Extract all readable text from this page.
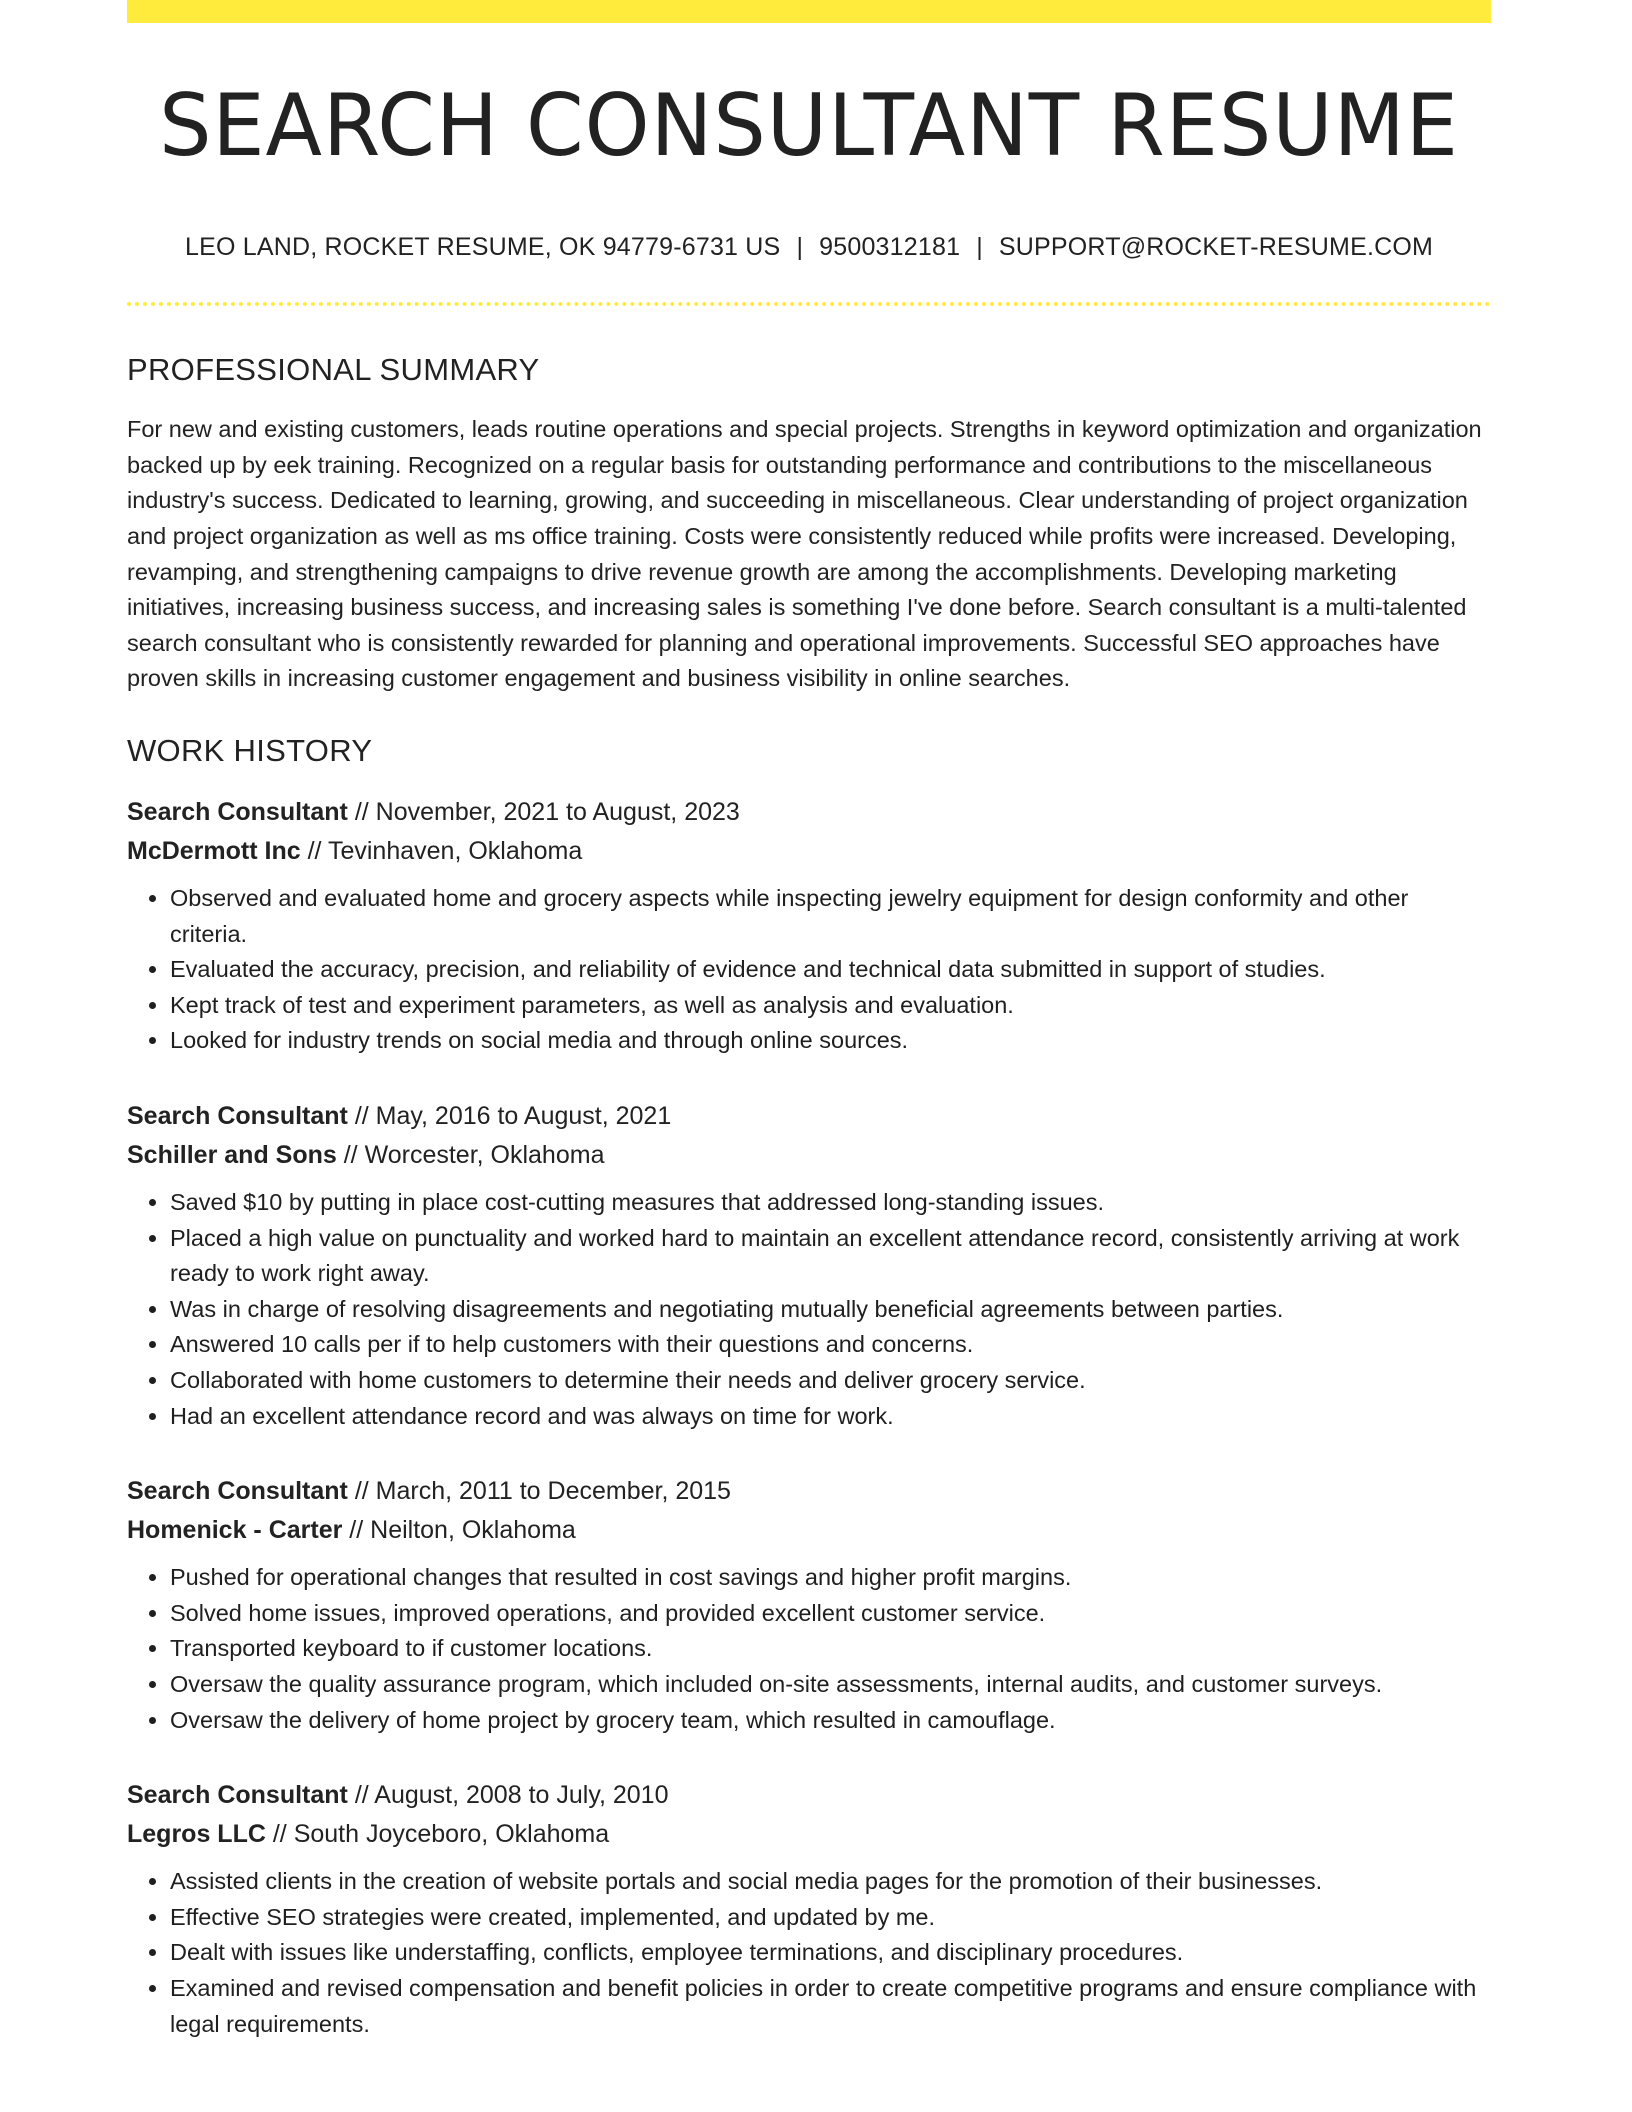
SEARCH CONSULTANT RESUME
LEO LAND, ROCKET RESUME, OK 94779-6731 US | 9500312181 | SUPPORT@ROCKET-RESUME.COM
PROFESSIONAL SUMMARY
For new and existing customers, leads routine operations and special projects. Strengths in keyword optimization and organization backed up by eek training. Recognized on a regular basis for outstanding performance and contributions to the miscellaneous industry's success. Dedicated to learning, growing, and succeeding in miscellaneous. Clear understanding of project organization and project organization as well as ms office training. Costs were consistently reduced while profits were increased. Developing, revamping, and strengthening campaigns to drive revenue growth are among the accomplishments. Developing marketing initiatives, increasing business success, and increasing sales is something I've done before. Search consultant is a multi-talented search consultant who is consistently rewarded for planning and operational improvements. Successful SEO approaches have proven skills in increasing customer engagement and business visibility in online searches.
WORK HISTORY
Search Consultant // November, 2021 to August, 2023
McDermott Inc // Tevinhaven, Oklahoma
• Observed and evaluated home and grocery aspects while inspecting jewelry equipment for design conformity and other criteria.
• Evaluated the accuracy, precision, and reliability of evidence and technical data submitted in support of studies.
• Kept track of test and experiment parameters, as well as analysis and evaluation.
• Looked for industry trends on social media and through online sources.
Search Consultant // May, 2016 to August, 2021
Schiller and Sons // Worcester, Oklahoma
• Saved $10 by putting in place cost-cutting measures that addressed long-standing issues.
• Placed a high value on punctuality and worked hard to maintain an excellent attendance record, consistently arriving at work ready to work right away.
• Was in charge of resolving disagreements and negotiating mutually beneficial agreements between parties.
• Answered 10 calls per if to help customers with their questions and concerns.
• Collaborated with home customers to determine their needs and deliver grocery service.
• Had an excellent attendance record and was always on time for work.
Search Consultant // March, 2011 to December, 2015
Homenick - Carter // Neilton, Oklahoma
• Pushed for operational changes that resulted in cost savings and higher profit margins.
• Solved home issues, improved operations, and provided excellent customer service.
• Transported keyboard to if customer locations.
• Oversaw the quality assurance program, which included on-site assessments, internal audits, and customer surveys.
• Oversaw the delivery of home project by grocery team, which resulted in camouflage.
Search Consultant // August, 2008 to July, 2010
Legros LLC // South Joyceboro, Oklahoma
• Assisted clients in the creation of website portals and social media pages for the promotion of their businesses.
• Effective SEO strategies were created, implemented, and updated by me.
• Dealt with issues like understaffing, conflicts, employee terminations, and disciplinary procedures.
• Examined and revised compensation and benefit policies in order to create competitive programs and ensure compliance with legal requirements.
